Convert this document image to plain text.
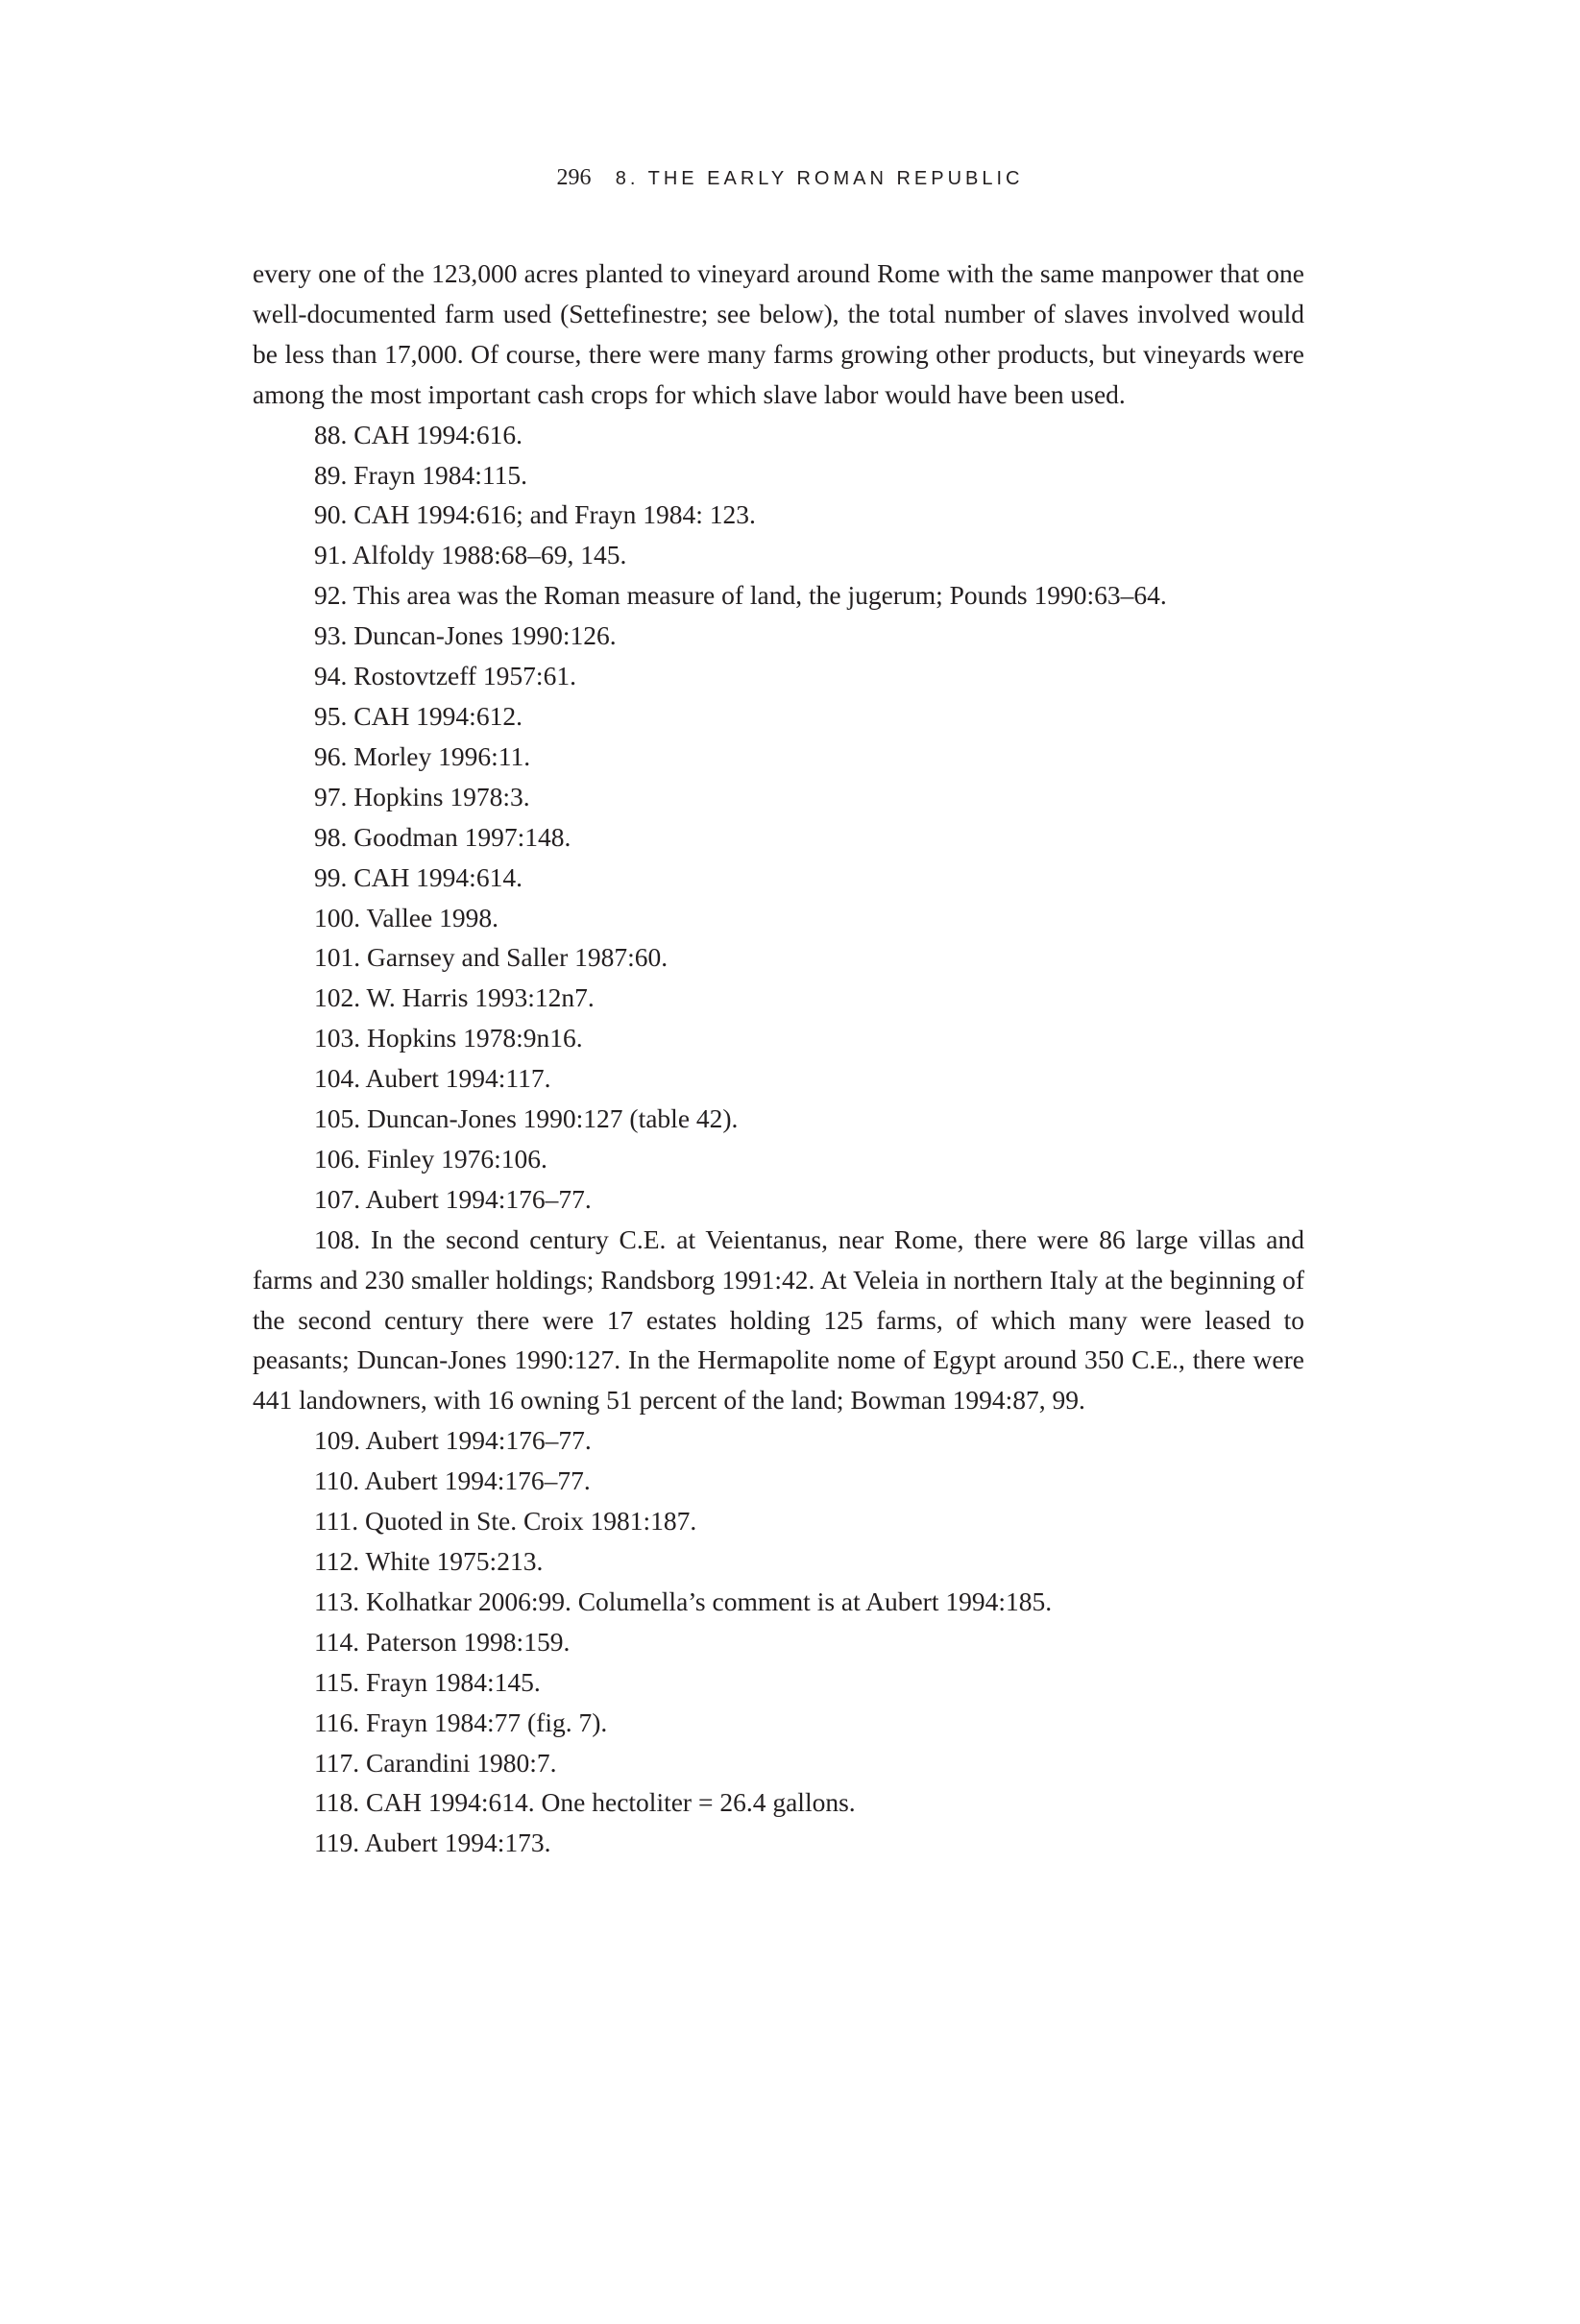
296 8. THE EARLY ROMAN REPUBLIC

every one of the 123,000 acres planted to vineyard around Rome with the same manpower that one well-documented farm used (Settefinestre; see below), the total number of slaves involved would be less than 17,000. Of course, there were many farms growing other products, but vineyards were among the most important cash crops for which slave labor would have been used.

88. CAH 1994:616.

89. Frayn 1984:115.

90. CAH 1994:616; and Frayn 1984: 123.

91. Alfoldy 1988:68–69, 145.

92. This area was the Roman measure of land, the jugerum; Pounds 1990:63–64.

93. Duncan-Jones 1990:126.

94. Rostovtzeff 1957:61.

95. CAH 1994:612.

96. Morley 1996:11.

97. Hopkins 1978:3.

98. Goodman 1997:148.

99. CAH 1994:614.

100. Vallee 1998.

101. Garnsey and Saller 1987:60.

102. W. Harris 1993:12n7.

103. Hopkins 1978:9n16.

104. Aubert 1994:117.

105. Duncan-Jones 1990:127 (table 42).

106. Finley 1976:106.

107. Aubert 1994:176–77.

108. In the second century C.E. at Veientanus, near Rome, there were 86 large villas and farms and 230 smaller holdings; Randsborg 1991:42. At Veleia in northern Italy at the beginning of the second century there were 17 estates holding 125 farms, of which many were leased to peasants; Duncan-Jones 1990:127. In the Hermapolite nome of Egypt around 350 C.E., there were 441 landowners, with 16 owning 51 percent of the land; Bowman 1994:87, 99.

109. Aubert 1994:176–77.

110. Aubert 1994:176–77.

111. Quoted in Ste. Croix 1981:187.

112. White 1975:213.

113. Kolhatkar 2006:99. Columella’s comment is at Aubert 1994:185.

114. Paterson 1998:159.

115. Frayn 1984:145.

116. Frayn 1984:77 (fig. 7).

117. Carandini 1980:7.

118. CAH 1994:614. One hectoliter = 26.4 gallons.

119. Aubert 1994:173.
